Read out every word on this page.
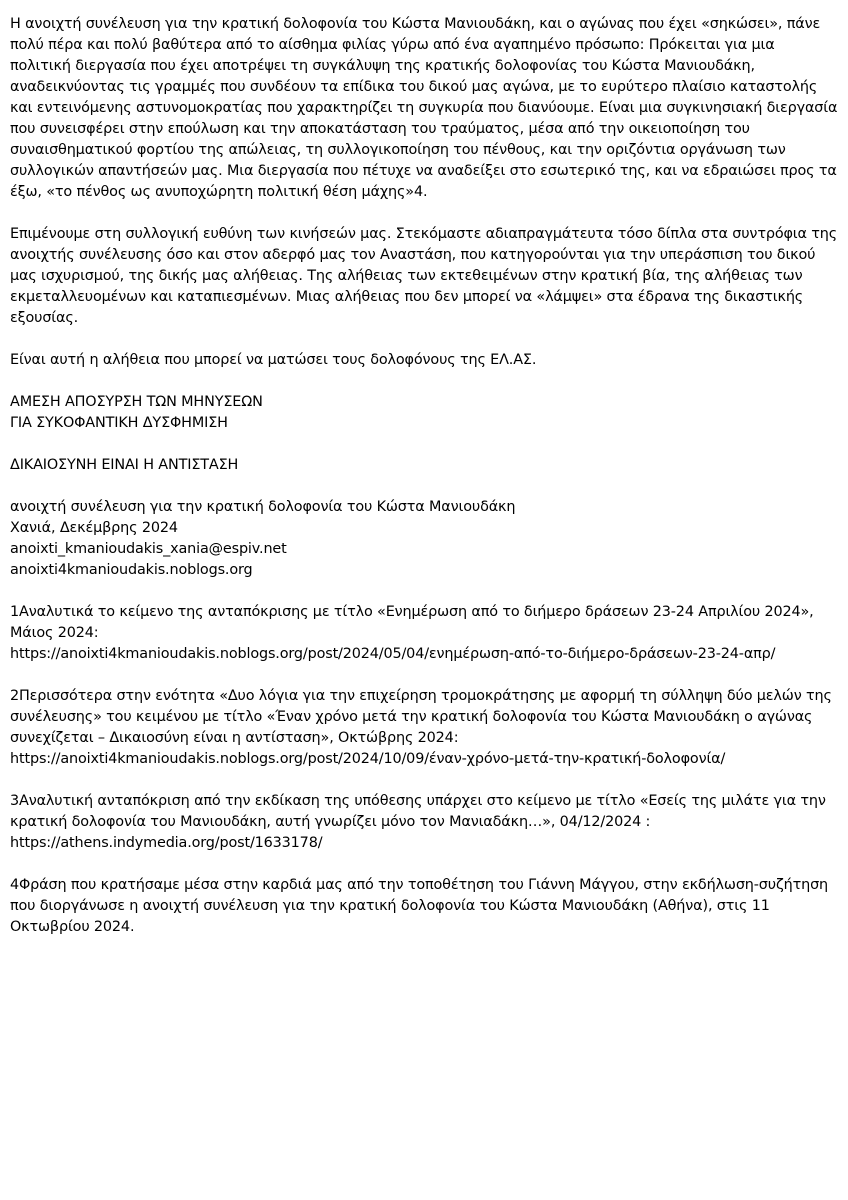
Η ανοιχτή συνέλευση για την κρατική δολοφονία του Κώστα Μανιουδάκη, και ο αγώνας που έχει «σηκώσει», πάνε πολύ πέρα και πολύ βαθύτερα από το αίσθημα φιλίας γύρω από ένα αγαπημένο πρόσωπο: Πρόκειται για μια πολιτική διεργασία που έχει αποτρέψει τη συγκάλυψη της κρατικής δολοφονίας του Κώστα Μανιουδάκη, αναδεικνύοντας τις γραμμές που συνδέουν τα επίδικα του δικού μας αγώνα, με το ευρύτερο πλαίσιο καταστολής και εντεινόμενης αστυνομοκρατίας που χαρακτηρίζει τη συγκυρία που διανύουμε. Είναι μια συγκινησιακή διεργασία που συνεισφέρει στην επούλωση και την αποκατάσταση του τραύματος, μέσα από την οικειοποίηση του συναισθηματικού φορτίου της απώλειας, τη συλλογικοποίηση του πένθους, και την οριζόντια οργάνωση των συλλογικών απαντήσεών μας. Μια διεργασία που πέτυχε να αναδείξει στο εσωτερικό της, και να εδραιώσει προς τα έξω, «το πένθος ως ανυποχώρητη πολιτική θέση μάχης»4.

Επιμένουμε στη συλλογική ευθύνη των κινήσεών μας. Στεκόμαστε αδιαπραγμάτευτα τόσο δίπλα στα συντρόφια της ανοιχτής συνέλευσης όσο και στον αδερφό μας τον Αναστάση, που κατηγορούνται για την υπεράσπιση του δικού μας ισχυρισμού, της δικής μας αλήθειας. Της αλήθειας των εκτεθειμένων στην κρατική βία, της αλήθειας των εκμεταλλευομένων και καταπιεσμένων. Μιας αλήθειας που δεν μπορεί να «λάμψει» στα έδρανα της δικαστικής εξουσίας.

Είναι αυτή η αλήθεια που μπορεί να ματώσει τους δολοφόνους της ΕΛ.ΑΣ.

ΑΜΕΣΗ ΑΠΟΣΥΡΣΗ ΤΩΝ ΜΗΝΥΣΕΩΝ
ΓΙΑ ΣΥΚΟΦΑΝΤΙΚΗ ΔΥΣΦΗΜΙΣΗ

ΔΙΚΑΙΟΣΥΝΗ ΕΙΝΑΙ Η ΑΝΤΙΣΤΑΣΗ

ανοιχτή συνέλευση για την κρατική δολοφονία του Κώστα Μανιουδάκη
Χανιά, Δεκέμβρης 2024
anoixti_kmanioudakis_xania@espiv.net
anoixti4kmanioudakis.noblogs.org
1Αναλυτικά το κείμενο της ανταπόκρισης με τίτλο «Ενημέρωση από το διήμερο δράσεων 23-24 Απριλίου 2024», Μάιος 2024:
https://anoixti4kmanioudakis.noblogs.org/post/2024/05/04/ενημέρωση-από-το-διήμερο-δράσεων-23-24-απρ/
2Περισσότερα στην ενότητα «Δυο λόγια για την επιχείρηση τρομοκράτησης με αφορμή τη σύλληψη δύο μελών της συνέλευσης» του κειμένου με τίτλο «Έναν χρόνο μετά την κρατική δολοφονία του Κώστα Μανιουδάκη ο αγώνας συνεχίζεται – Δικαιοσύνη είναι η αντίσταση», Οκτώβρης 2024:
https://anoixti4kmanioudakis.noblogs.org/post/2024/10/09/έναν-χρόνο-μετά-την-κρατική-δολοφονία/
3Αναλυτική ανταπόκριση από την εκδίκαση της υπόθεσης υπάρχει στο κείμενο με τίτλο «Εσείς της μιλάτε για την κρατική δολοφονία του Μανιουδάκη, αυτή γνωρίζει μόνο τον Μανιαδάκη…», 04/12/2024 :
https://athens.indymedia.org/post/1633178/
4Φράση που κρατήσαμε μέσα στην καρδιά μας από την τοποθέτηση του Γιάννη Μάγγου, στην εκδήλωση-συζήτηση που διοργάνωσε η ανοιχτή συνέλευση για την κρατική δολοφονία του Κώστα Μανιουδάκη (Αθήνα), στις 11 Οκτωβρίου 2024.
